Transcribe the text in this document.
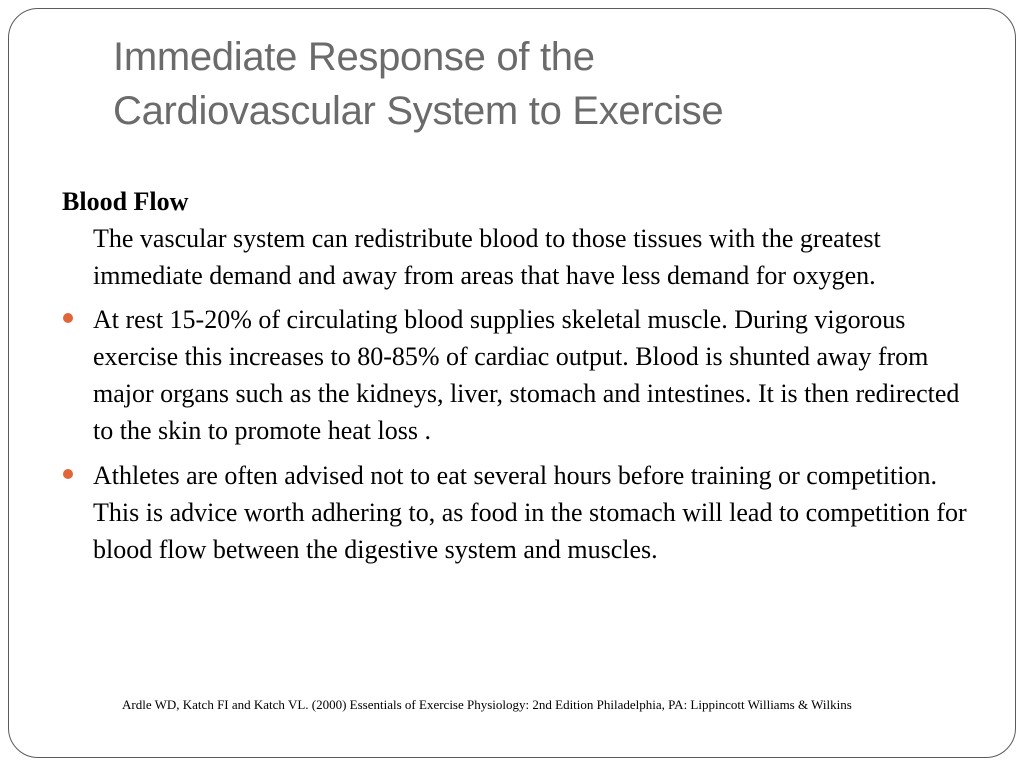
Immediate Response of the
Cardiovascular System to Exercise

Blood Flow

The vascular system can redistribute blood to those tissues with the greatest immediate demand and away from areas that have less demand for oxygen.

At rest 15-20% of circulating blood supplies skeletal muscle. During vigorous exercise this increases to 80-85% of cardiac output. Blood is shunted away from major organs such as the kidneys, liver, stomach and intestines. It is then redirected to the skin to promote heat loss .
Athletes are often advised not to eat several hours before training or competition. This is advice worth adhering to, as food in the stomach will lead to competition for blood flow between the digestive system and muscles.

Ardle WD, Katch FI and Katch VL. (2000) Essentials of Exercise Physiology: 2nd Edition Philadelphia, PA: Lippincott Williams & Wilkins
